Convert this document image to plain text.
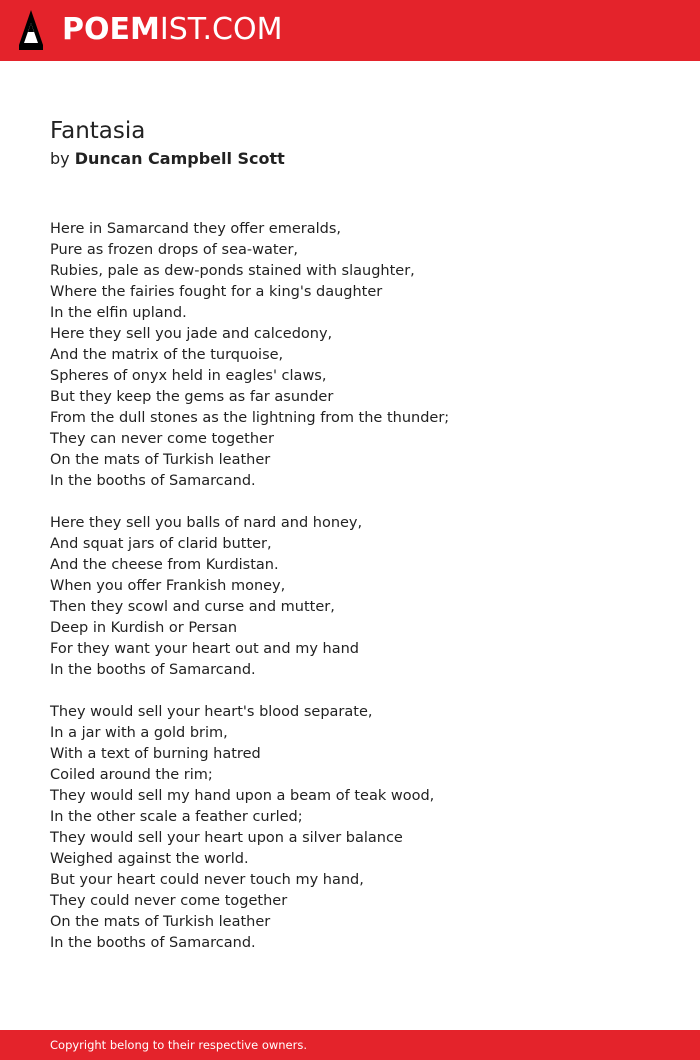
POEMIST.COM
Fantasia
by Duncan Campbell Scott
Here in Samarcand they offer emeralds,
Pure as frozen drops of sea-water,
Rubies, pale as dew-ponds stained with slaughter,
Where the fairies fought for a king's daughter
In the elfin upland.
Here they sell you jade and calcedony,
And the matrix of the turquoise,
Spheres of onyx held in eagles' claws,
But they keep the gems as far asunder
From the dull stones as the lightning from the thunder;
They can never come together
On the mats of Turkish leather
In the booths of Samarcand.
Here they sell you balls of nard and honey,
And squat jars of clarid butter,
And the cheese from Kurdistan.
When you offer Frankish money,
Then they scowl and curse and mutter,
Deep in Kurdish or Persan
For they want your heart out and my hand
In the booths of Samarcand.
They would sell your heart's blood separate,
In a jar with a gold brim,
With a text of burning hatred
Coiled around the rim;
They would sell my hand upon a beam of teak wood,
In the other scale a feather curled;
They would sell your heart upon a silver balance
Weighed against the world.
But your heart could never touch my hand,
They could never come together
On the mats of Turkish leather
In the booths of Samarcand.
Copyright belong to their respective owners.
